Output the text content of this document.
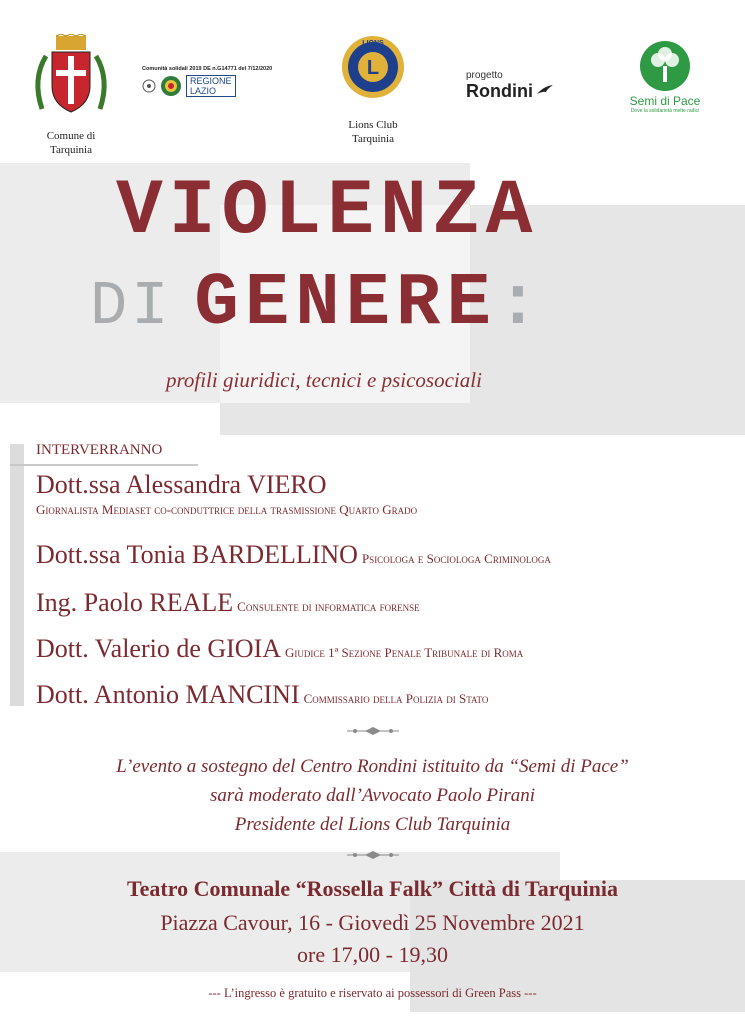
Comune di
Tarquinia
Comunità solidali 2019 DE n.G14771 del 7/12/2020
REGIONE
LAZIO
LIONS
L
Lions Club
Tarquinia
progetto
Rondini	Semi di Pace
Dove la solidarietà mette radici
VIOLENZA
DI GENERE:
profili giuridici, tecnici e psicosociali
INTERVERRANNO
Dott.ssa Alessandra VIERO
Giornalista Mediaset co-conduttrice della trasmissione Quarto Grado
Dott.ssa Tonia BARDELLINO Psicologa e Sociologa Criminologa
Ing. Paolo REALE Consulente di informatica forense
Dott. Valerio de GIOIA Giudice 1ª Sezione Penale Tribunale di Roma
Dott. Antonio MANCINI Commissario della Polizia di Stato
L’evento a sostegno del Centro Rondini istituito da “Semi di Pace”
sarà moderato dall’Avvocato Paolo Pirani
Presidente del Lions Club Tarquinia
Teatro Comunale “Rossella Falk” Città di Tarquinia
Piazza Cavour, 16 - Giovedì 25 Novembre 2021
ore 17,00 - 19,30
--- L’ingresso è gratuito e riservato ai possessori di Green Pass ---
